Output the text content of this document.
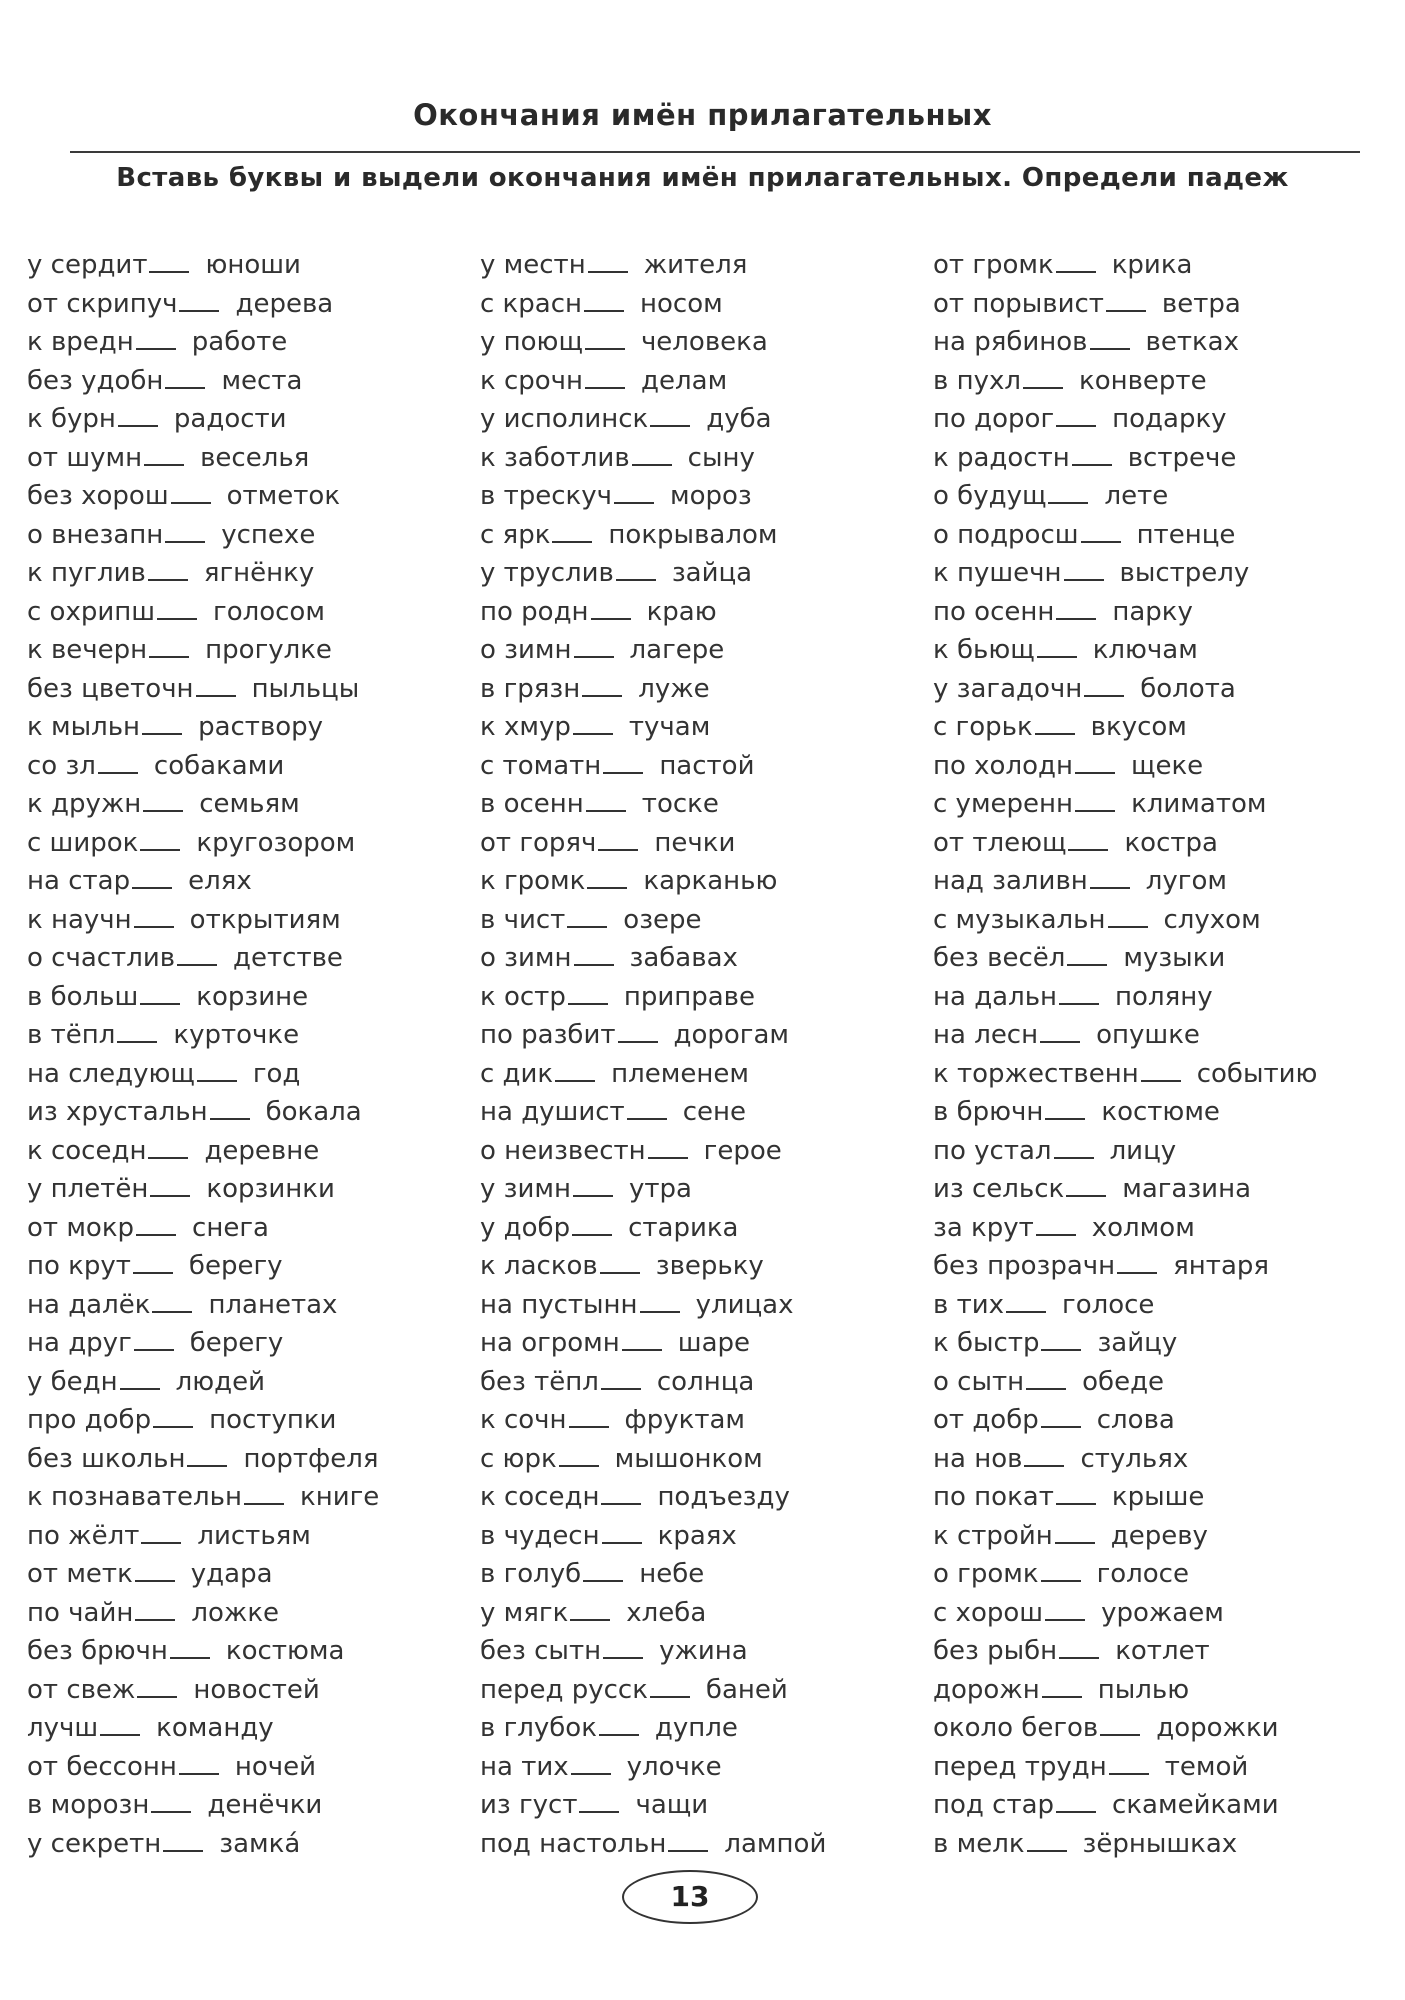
Окончания имён прилагательных
Вставь буквы и выдели окончания имён прилагательных. Определи падеж
у сердит юноши
от скрипуч дерева
к вредн работе
без удобн места
к бурн радости
от шумн веселья
без хорош отметок
о внезапн успехе
к пуглив ягнёнку
с охрипш голосом
к вечерн прогулке
без цветочн пыльцы
к мыльн раствору
со зл собаками
к дружн семьям
с широк кругозором
на стар елях
к научн открытиям
о счастлив детстве
в больш корзине
в тёпл курточке
на следующ год
из хрустальн бокала
к соседн деревне
у плетён корзинки
от мокр снега
по крут берегу
на далёк планетах
на друг берегу
у бедн людей
про добр поступки
без школьн портфеля
к познавательн книге
по жёлт листьям
от метк удара
по чайн ложке
без брючн костюма
от свеж новостей
лучш команду
от бессонн ночей
в морозн денёчки
у секретн замка́
у местн жителя
с красн носом
у поющ человека
к срочн делам
у исполинск дуба
к заботлив сыну
в трескуч мороз
с ярк покрывалом
у труслив зайца
по родн краю
о зимн лагере
в грязн луже
к хмур тучам
с томатн пастой
в осенн тоске
от горяч печки
к громк карканью
в чист озере
о зимн забавах
к остр приправе
по разбит дорогам
с дик племенем
на душист сене
о неизвестн герое
у зимн утра
у добр старика
к ласков зверьку
на пустынн улицах
на огромн шаре
без тёпл солнца
к сочн фруктам
с юрк мышонком
к соседн подъезду
в чудесн краях
в голуб небе
у мягк хлеба
без сытн ужина
перед русск баней
в глубок дупле
на тих улочке
из густ чащи
под настольн лампой
от громк крика
от порывист ветра
на рябинов ветках
в пухл конверте
по дорог подарку
к радостн встрече
о будущ лете
о подросш птенце
к пушечн выстрелу
по осенн парку
к бьющ ключам
у загадочн болота
с горьк вкусом
по холодн щеке
с умеренн климатом
от тлеющ костра
над заливн лугом
с музыкальн слухом
без весёл музыки
на дальн поляну
на лесн опушке
к торжественн событию
в брючн костюме
по устал лицу
из сельск магазина
за крут холмом
без прозрачн янтаря
в тих голосе
к быстр зайцу
о сытн обеде
от добр слова
на нов стульях
по покат крыше
к стройн дереву
о громк голосе
с хорош урожаем
без рыбн котлет
дорожн пылью
около бегов дорожки
перед трудн темой
под стар скамейками
в мелк зёрнышках
13
